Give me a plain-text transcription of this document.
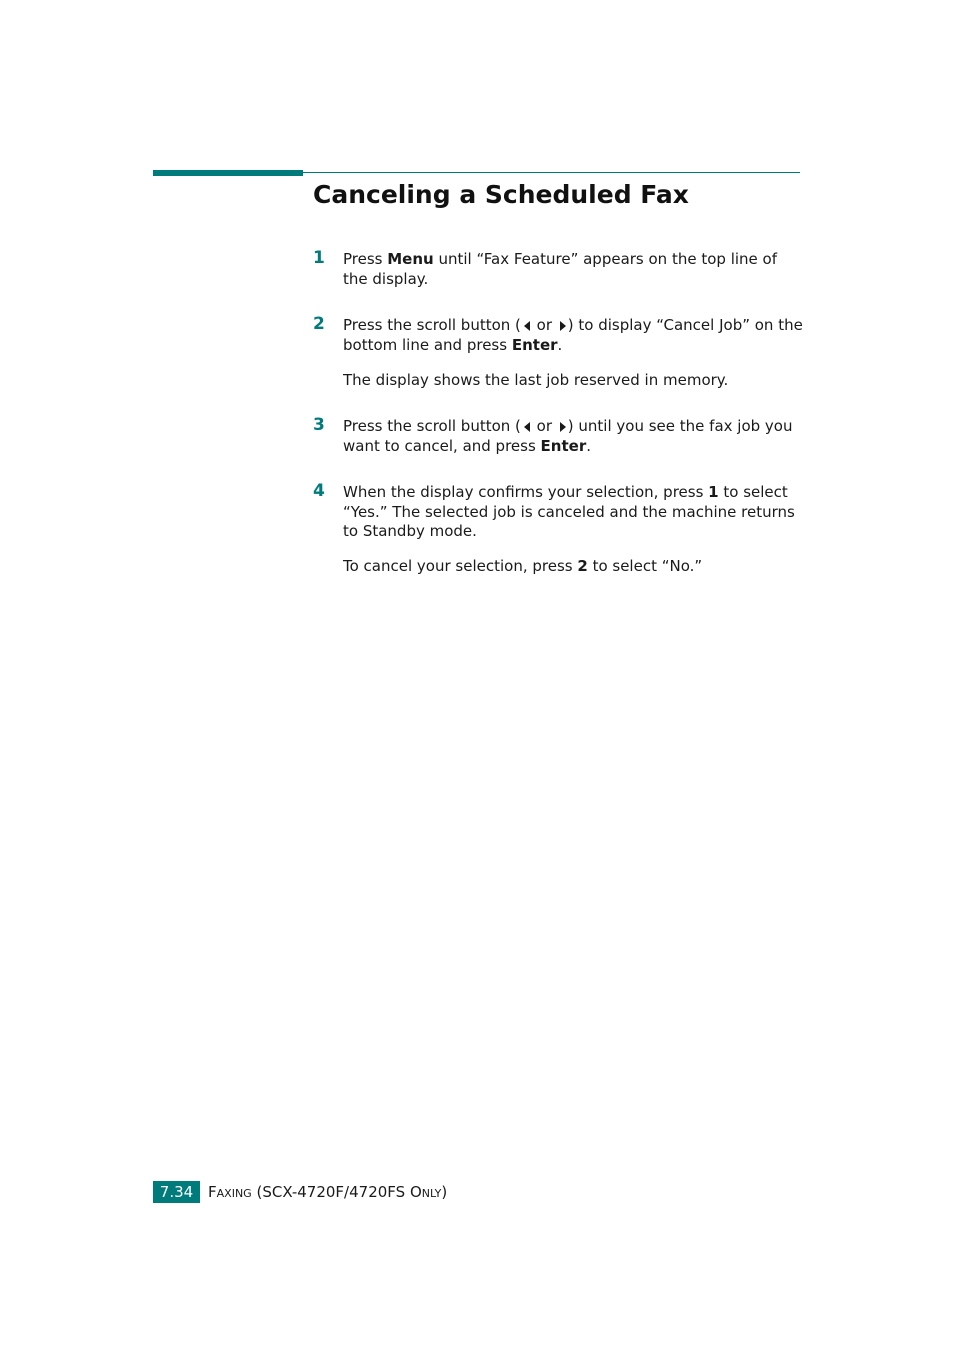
Canceling a Scheduled Fax
1 Press Menu until “Fax Feature” appears on the top line of the display.

2 Press the scroll button ( or ) to display “Cancel Job” on the bottom line and press Enter.

The display shows the last job reserved in memory.

3 Press the scroll button ( or ) until you see the fax job you want to cancel, and press Enter.

4 When the display confirms your selection, press 1 to select “Yes.” The selected job is canceled and the machine returns to Standby mode.

To cancel your selection, press 2 to select “No.”

7.34 FAXING (SCX-4720F/4720FS ONLY)
